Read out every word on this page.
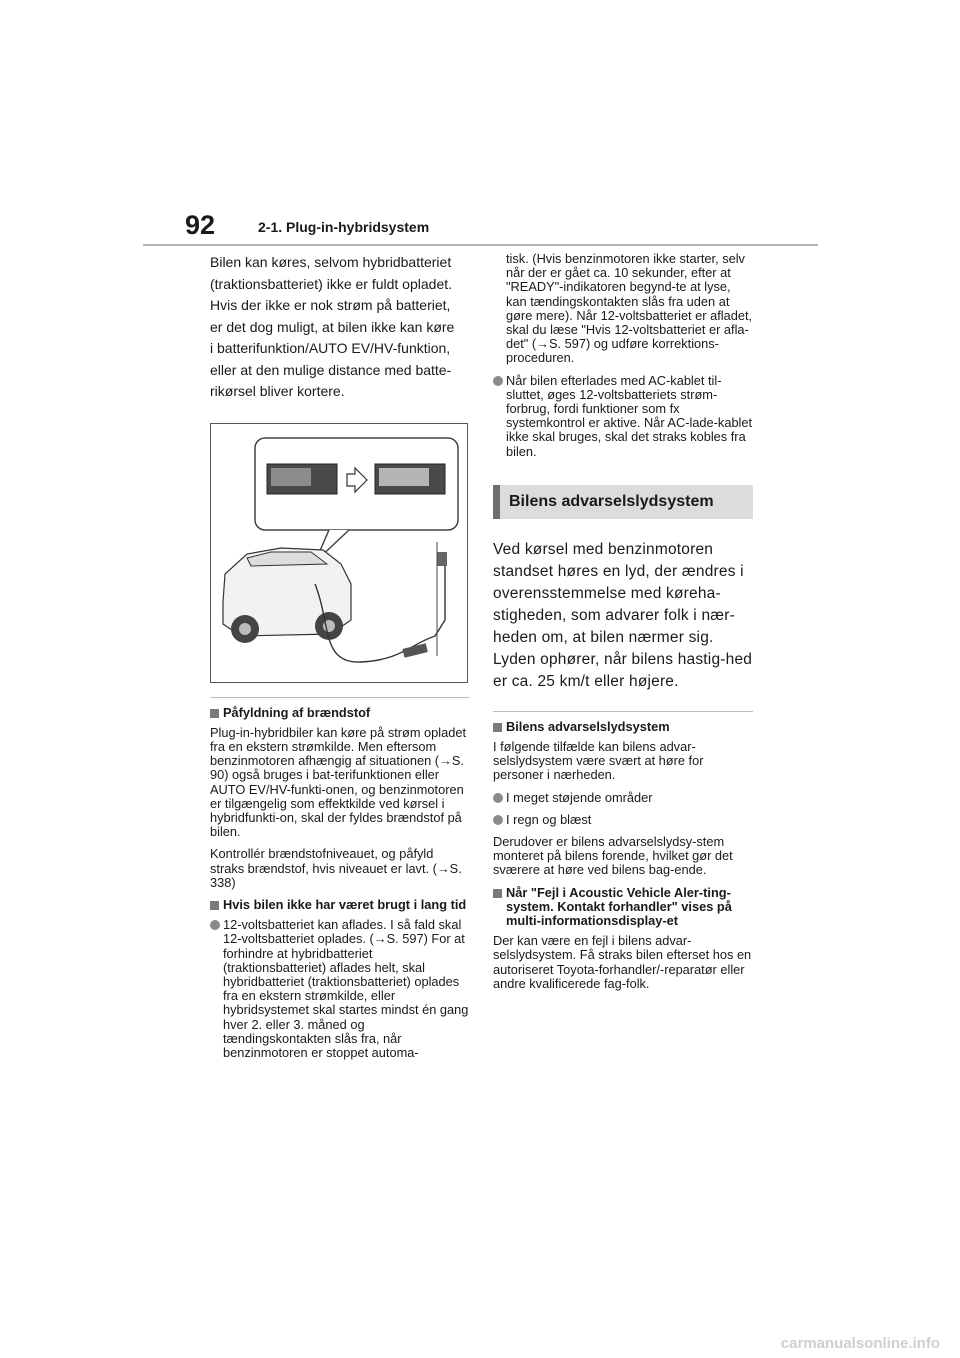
92	2-1. Plug-in-hybridsystem

Bilen kan køres, selvom hybridbatteriet

(traktionsbatteriet) ikke er fuldt opladet.

Hvis der ikke er nok strøm på batteriet,

er det dog muligt, at bilen ikke kan køre

i batterifunktion/AUTO EV/HV-funktion,

eller at den mulige distance med batte-

rikørsel bliver kortere.

Påfyldning af brændstof

Plug-in-hybridbiler kan køre på strøm opladet fra en ekstern strømkilde. Men eftersom benzinmotoren afhængig af situationen (→S. 90) også bruges i bat-terifunktionen eller AUTO EV/HV-funkti-onen, og benzinmotoren er tilgængelig som effektkilde ved kørsel i hybridfunkti-on, skal der fyldes brændstof på bilen.

Kontrollér brændstofniveauet, og påfyld straks brændstof, hvis niveauet er lavt. (→S. 338)

Hvis bilen ikke har været brugt i lang tid
12-voltsbatteriet kan aflades. I så fald skal 12-voltsbatteriet oplades. (→S. 597) For at forhindre at hybridbatteriet (traktionsbatteriet) aflades helt, skal hybridbatteriet (traktionsbatteriet) oplades fra en ekstern strømkilde, eller hybridsystemet skal startes mindst én gang hver 2. eller 3. måned og tændingskontakten slås fra, når benzinmotoren er stoppet automa-

tisk. (Hvis benzinmotoren ikke starter, selv når der er gået ca. 10 sekunder, efter at "READY"-indikatoren begynd-te at lyse, kan tændingskontakten slås fra uden at gøre mere). Når 12-voltsbatteriet er afladet, skal du læse "Hvis 12-voltsbatteriet er afla-det" (→S. 597) og udføre korrektions-proceduren.

Når bilen efterlades med AC-kablet til-sluttet, øges 12-voltsbatteriets strøm-forbrug, fordi funktioner som fx systemkontrol er aktive. Når AC-lade-kablet ikke skal bruges, skal det straks kobles fra bilen.
Bilens advarselslydsystem

Ved kørsel med benzinmotoren standset høres en lyd, der ændres i overensstemmelse med køreha-stigheden, som advarer folk i nær-heden om, at bilen nærmer sig. Lyden ophører, når bilens hastig-hed er ca. 25 km/t eller højere.

Bilens advarselslydsystem

I følgende tilfælde kan bilens advar-selslydsystem være svært at høre for personer i nærheden.

I meget støjende områder
I regn og blæst

Derudover er bilens advarselslydsy-stem monteret på bilens forende, hvilket gør det sværere at høre ved bilens bag-ende.

Når "Fejl i Acoustic Vehicle Aler-ting-system. Kontakt forhandler" vises på multi-informationsdisplay-et

Der kan være en fejl i bilens advar-selslydsystem. Få straks bilen efterset hos en autoriseret Toyota-forhandler/-reparatør eller andre kvalificerede fag-folk.

carmanualsonline.info
